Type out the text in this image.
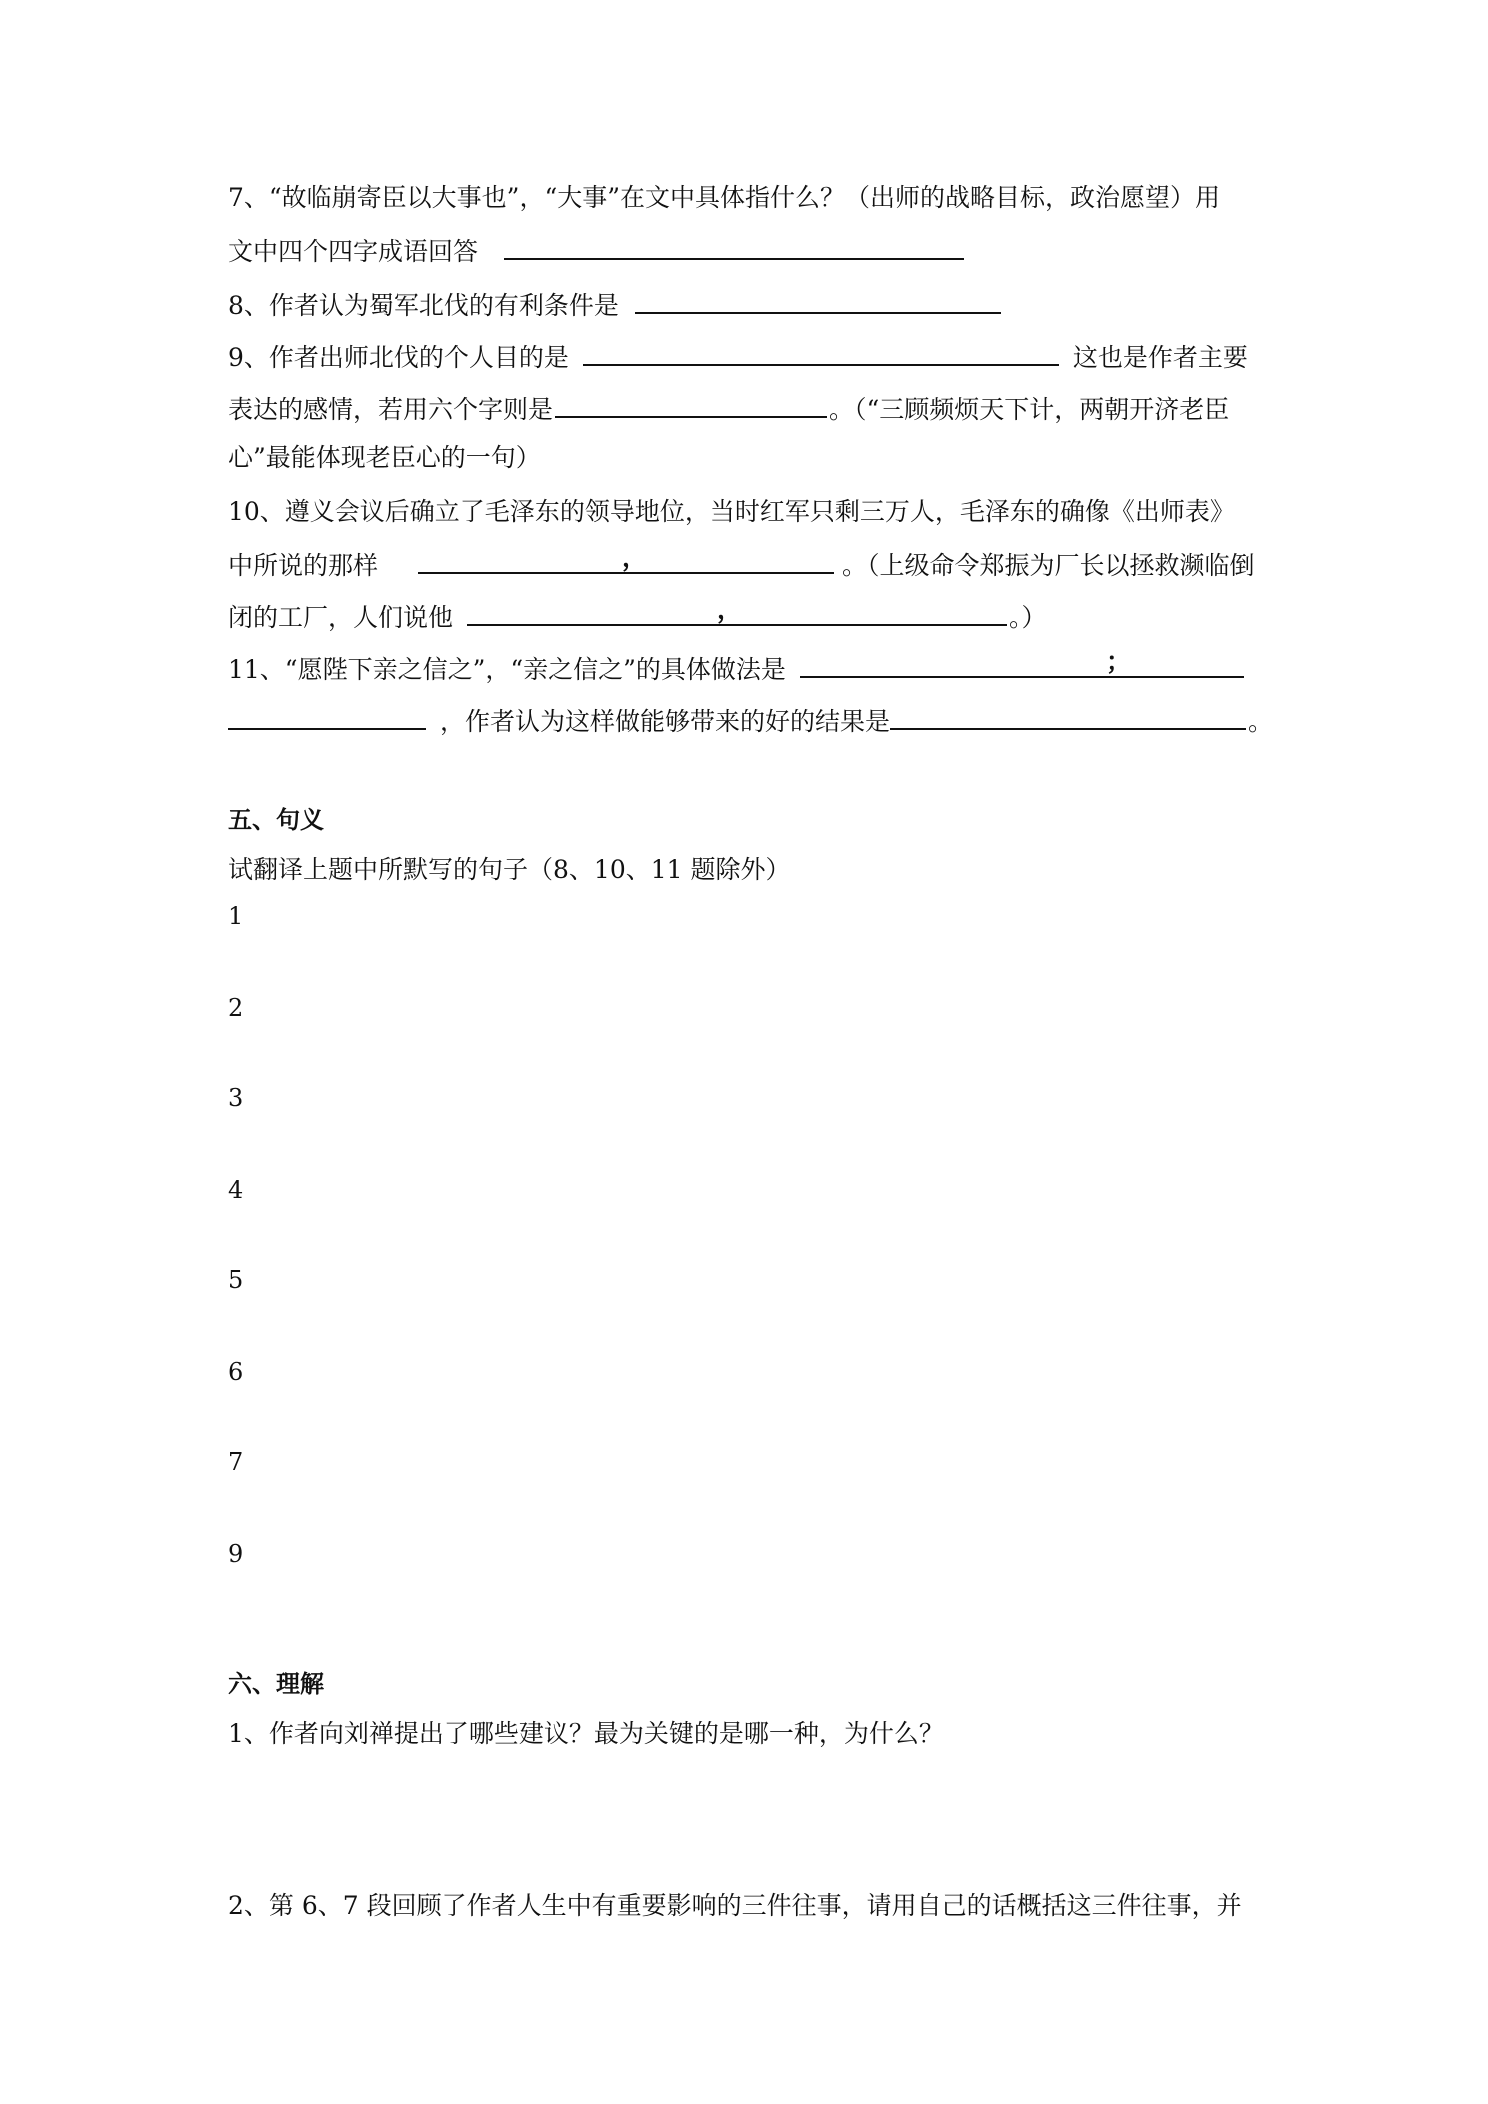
7、“故临崩寄臣以大事也”，“大事”在文中具体指什么？（出师的战略目标，政治愿望）用
文中四个四字成语回答
8、作者认为蜀军北伐的有利条件是
9、作者出师北伐的个人目的是	这也是作者主要
表达的感情，若用六个字则是	。（“三顾频烦天下计，两朝开济老臣
心”最能体现老臣心的一句）
10、遵义会议后确立了毛泽东的领导地位，当时红军只剩三万人，毛泽东的确像《出师表》
中所说的那样	，	。（上级命令郑振为厂长以拯救濒临倒
闭的工厂，人们说他	，	。）
11、“愿陛下亲之信之”，“亲之信之”的具体做法是	；
，作者认为这样做能够带来的好的结果是	。
五、句义
试翻译上题中所默写的句子（8、10、11 题除外）
1
2
3
4
5
6
7
9
六、理解
1、作者向刘禅提出了哪些建议？最为关键的是哪一种，为什么？
2、第 6、7 段回顾了作者人生中有重要影响的三件往事，请用自己的话概括这三件往事，并
